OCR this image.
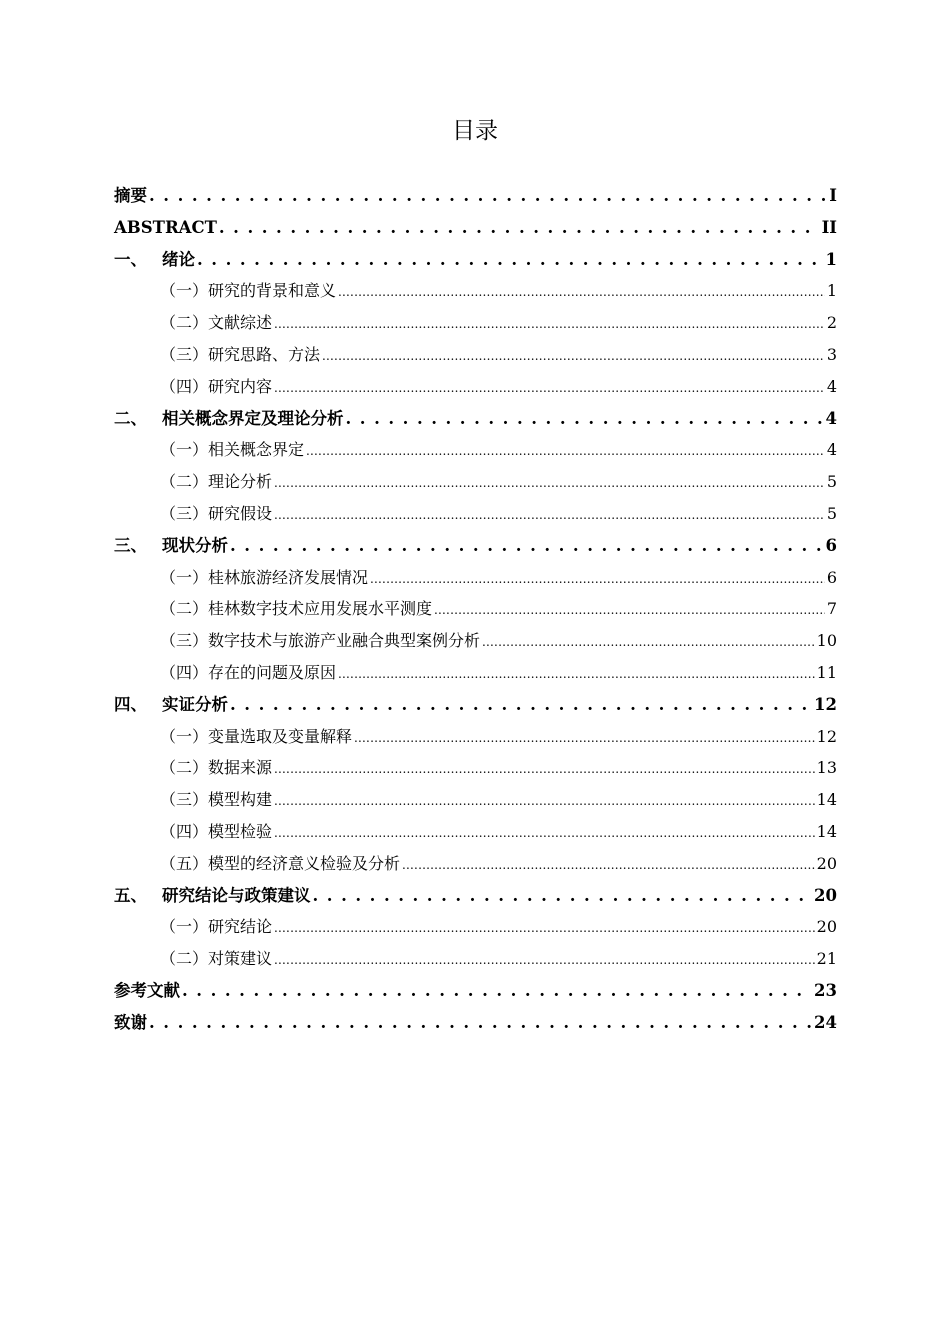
目录
摘要 . . .	I
ABSTRACT . . .	II
一、 绪论 . . .	1
（一）研究的背景和意义 .....	1
（二）文献综述 .....	2
（三）研究思路、方法 .....	3
（四）研究内容 .....	4
二、 相关概念界定及理论分析 . . .	4
（一）相关概念界定 .....	4
（二）理论分析 .....	5
（三）研究假设 .....	5
三、 现状分析 . . .	6
（一）桂林旅游经济发展情况 .....	6
（二）桂林数字技术应用发展水平测度 .....	7
（三）数字技术与旅游产业融合典型案例分析 .....	10
（四）存在的问题及原因 .....	11
四、 实证分析 . . .	12
（一）变量选取及变量解释 .....	12
（二）数据来源 .....	13
（三）模型构建 .....	14
（四）模型检验 .....	14
（五）模型的经济意义检验及分析 .....	20
五、 研究结论与政策建议 . . .	20
（一）研究结论 .....	20
（二）对策建议 .....	21
参考文献 . . .	23
致谢 . . .	24
